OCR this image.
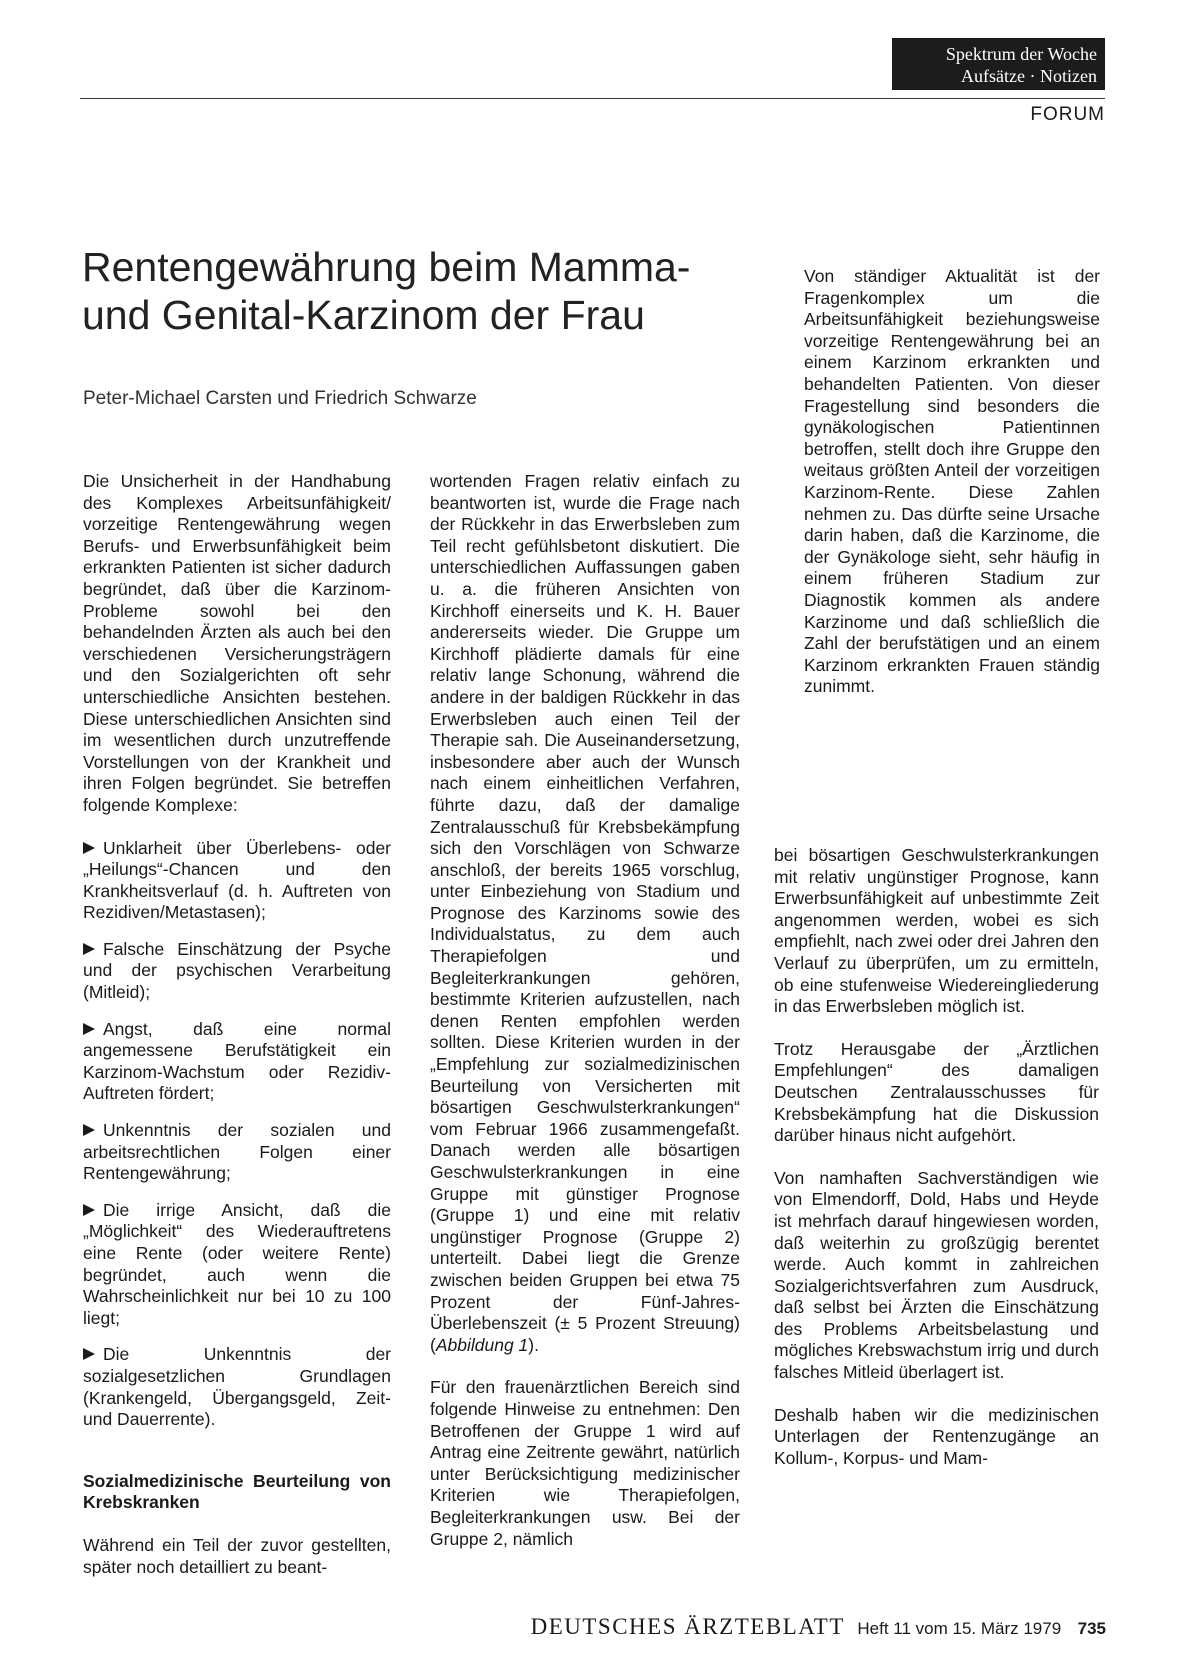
Spektrum der Woche
Aufsätze · Notizen
FORUM
Rentengewährung beim Mamma-
und Genital-Karzinom der Frau
Peter-Michael Carsten und Friedrich Schwarze

Von ständiger Aktualität ist der Fragenkomplex um die Arbeitsunfähigkeit beziehungsweise vorzeitige Rentengewährung bei an einem Karzinom erkrankten und behandelten Patienten. Von dieser Fragestellung sind besonders die gynäkologischen Patientinnen betroffen, stellt doch ihre Gruppe den weitaus größten Anteil der vorzeitigen Karzinom-Rente. Diese Zahlen nehmen zu. Das dürfte seine Ursache darin haben, daß die Karzinome, die der Gynäkologe sieht, sehr häufig in einem früheren Stadium zur Diagnostik kommen als andere Karzinome und daß schließlich die Zahl der berufstätigen und an einem Karzinom erkrankten Frauen ständig zunimmt.

Die Unsicherheit in der Handhabung des Komplexes Arbeitsunfähigkeit/ vorzeitige Rentengewährung wegen Berufs- und Erwerbsunfähigkeit beim erkrankten Patienten ist sicher dadurch begründet, daß über die Karzinom-Probleme sowohl bei den behandelnden Ärzten als auch bei den verschiedenen Versicherungsträgern und den Sozialgerichten oft sehr unterschiedliche Ansichten bestehen. Diese unterschiedlichen Ansichten sind im wesentlichen durch unzutreffende Vorstellungen von der Krankheit und ihren Folgen begründet. Sie betreffen folgende Komplexe:

Unklarheit über Überlebens- oder „Heilungs“-Chancen und den Krankheitsverlauf (d. h. Auftreten von Rezidiven/Metastasen);

Falsche Einschätzung der Psyche und der psychischen Verarbeitung (Mitleid);

Angst, daß eine normal angemessene Berufstätigkeit ein Karzinom-Wachstum oder Rezidiv-Auftreten fördert;

Unkenntnis der sozialen und arbeitsrechtlichen Folgen einer Rentengewährung;

Die irrige Ansicht, daß die „Möglichkeit“ des Wiederauftretens eine Rente (oder weitere Rente) begründet, auch wenn die Wahrscheinlichkeit nur bei 10 zu 100 liegt;

Die Unkenntnis der sozialgesetzlichen Grundlagen (Krankengeld, Übergangsgeld, Zeit- und Dauerrente).

Sozialmedizinische Beurteilung von Krebskranken

Während ein Teil der zuvor gestellten, später noch detailliert zu beant-

wortenden Fragen relativ einfach zu beantworten ist, wurde die Frage nach der Rückkehr in das Erwerbsleben zum Teil recht gefühlsbetont diskutiert. Die unterschiedlichen Auffassungen gaben u. a. die früheren Ansichten von Kirchhoff einerseits und K. H. Bauer andererseits wieder. Die Gruppe um Kirchhoff plädierte damals für eine relativ lange Schonung, während die andere in der baldigen Rückkehr in das Erwerbsleben auch einen Teil der Therapie sah. Die Auseinandersetzung, insbesondere aber auch der Wunsch nach einem einheitlichen Verfahren, führte dazu, daß der damalige Zentralausschuß für Krebsbekämpfung sich den Vorschlägen von Schwarze anschloß, der bereits 1965 vorschlug, unter Einbeziehung von Stadium und Prognose des Karzinoms sowie des Individualstatus, zu dem auch Therapiefolgen und Begleiterkrankungen gehören, bestimmte Kriterien aufzustellen, nach denen Renten empfohlen werden sollten. Diese Kriterien wurden in der „Empfehlung zur sozialmedizinischen Beurteilung von Versicherten mit bösartigen Geschwulsterkrankungen“ vom Februar 1966 zusammengefaßt. Danach werden alle bösartigen Geschwulsterkrankungen in eine Gruppe mit günstiger Prognose (Gruppe 1) und eine mit relativ ungünstiger Prognose (Gruppe 2) unterteilt. Dabei liegt die Grenze zwischen beiden Gruppen bei etwa 75 Prozent der Fünf-Jahres-Überlebenszeit (± 5 Prozent Streuung) (Abbildung 1).

Für den frauenärztlichen Bereich sind folgende Hinweise zu entnehmen: Den Betroffenen der Gruppe 1 wird auf Antrag eine Zeitrente gewährt, natürlich unter Berücksichtigung medizinischer Kriterien wie Therapiefolgen, Begleiterkrankungen usw. Bei der Gruppe 2, nämlich

bei bösartigen Geschwulsterkrankungen mit relativ ungünstiger Prognose, kann Erwerbsunfähigkeit auf unbestimmte Zeit angenommen werden, wobei es sich empfiehlt, nach zwei oder drei Jahren den Verlauf zu überprüfen, um zu ermitteln, ob eine stufenweise Wiedereingliederung in das Erwerbsleben möglich ist.

Trotz Herausgabe der „Ärztlichen Empfehlungen“ des damaligen Deutschen Zentralausschusses für Krebsbekämpfung hat die Diskussion darüber hinaus nicht aufgehört.

Von namhaften Sachverständigen wie von Elmendorff, Dold, Habs und Heyde ist mehrfach darauf hingewiesen worden, daß weiterhin zu großzügig berentet werde. Auch kommt in zahlreichen Sozialgerichtsverfahren zum Ausdruck, daß selbst bei Ärzten die Einschätzung des Problems Arbeitsbelastung und mögliches Krebswachstum irrig und durch falsches Mitleid überlagert ist.

Deshalb haben wir die medizinischen Unterlagen der Rentenzugänge an Kollum-, Korpus- und Mam-

DEUTSCHES ÄRZTEBLATT Heft 11 vom 15. März 1979 735
